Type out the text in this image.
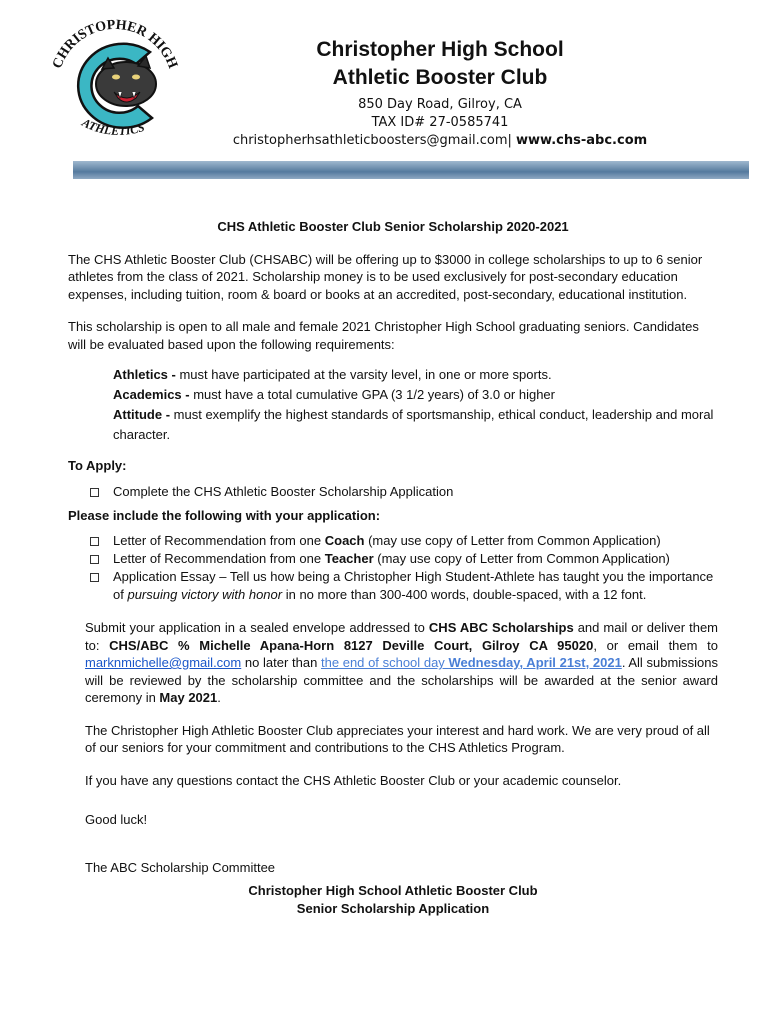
CHRISTOPHER HIGH
ATHLETICS
Christopher High School
Athletic Booster Club
850 Day Road, Gilroy, CA
TAX ID# 27-0585741
christopherhsathleticboosters@gmail.com| www.chs-abc.com
CHS Athletic Booster Club Senior Scholarship 2020-2021

The CHS Athletic Booster Club (CHSABC) will be offering up to $3000 in college scholarships to up to 6 senior athletes from the class of 2021. Scholarship money is to be used exclusively for post-secondary education expenses, including tuition, room & board or books at an accredited, post-secondary, educational institution.

This scholarship is open to all male and female 2021 Christopher High School graduating seniors. Candidates will be evaluated based upon the following requirements:

Athletics - must have participated at the varsity level, in one or more sports.
Academics - must have a total cumulative GPA (3 1/2 years) of 3.0 or higher
Attitude - must exemplify the highest standards of sportsmanship, ethical conduct, leadership and moral character.
To Apply:
Complete the CHS Athletic Booster Scholarship Application
Please include the following with your application:
Letter of Recommendation from one Coach (may use copy of Letter from Common Application)
Letter of Recommendation from one Teacher (may use copy of Letter from Common Application)
Application Essay – Tell us how being a Christopher High Student-Athlete has taught you the importance of pursuing victory with honor in no more than 300-400 words, double-spaced, with a 12 font.

Submit your application in a sealed envelope addressed to CHS ABC Scholarships and mail or deliver them to: CHS/ABC % Michelle Apana-Horn 8127 Deville Court, Gilroy CA 95020, or email them to marknmichelle@gmail.com no later than the end of school day Wednesday, April 21st, 2021. All submissions will be reviewed by the scholarship committee and the scholarships will be awarded at the senior award ceremony in May 2021.

The Christopher High Athletic Booster Club appreciates your interest and hard work. We are very proud of all of our seniors for your commitment and contributions to the CHS Athletics Program.

If you have any questions contact the CHS Athletic Booster Club or your academic counselor.

Good luck!

The ABC Scholarship Committee

Christopher High School Athletic Booster Club
Senior Scholarship Application
